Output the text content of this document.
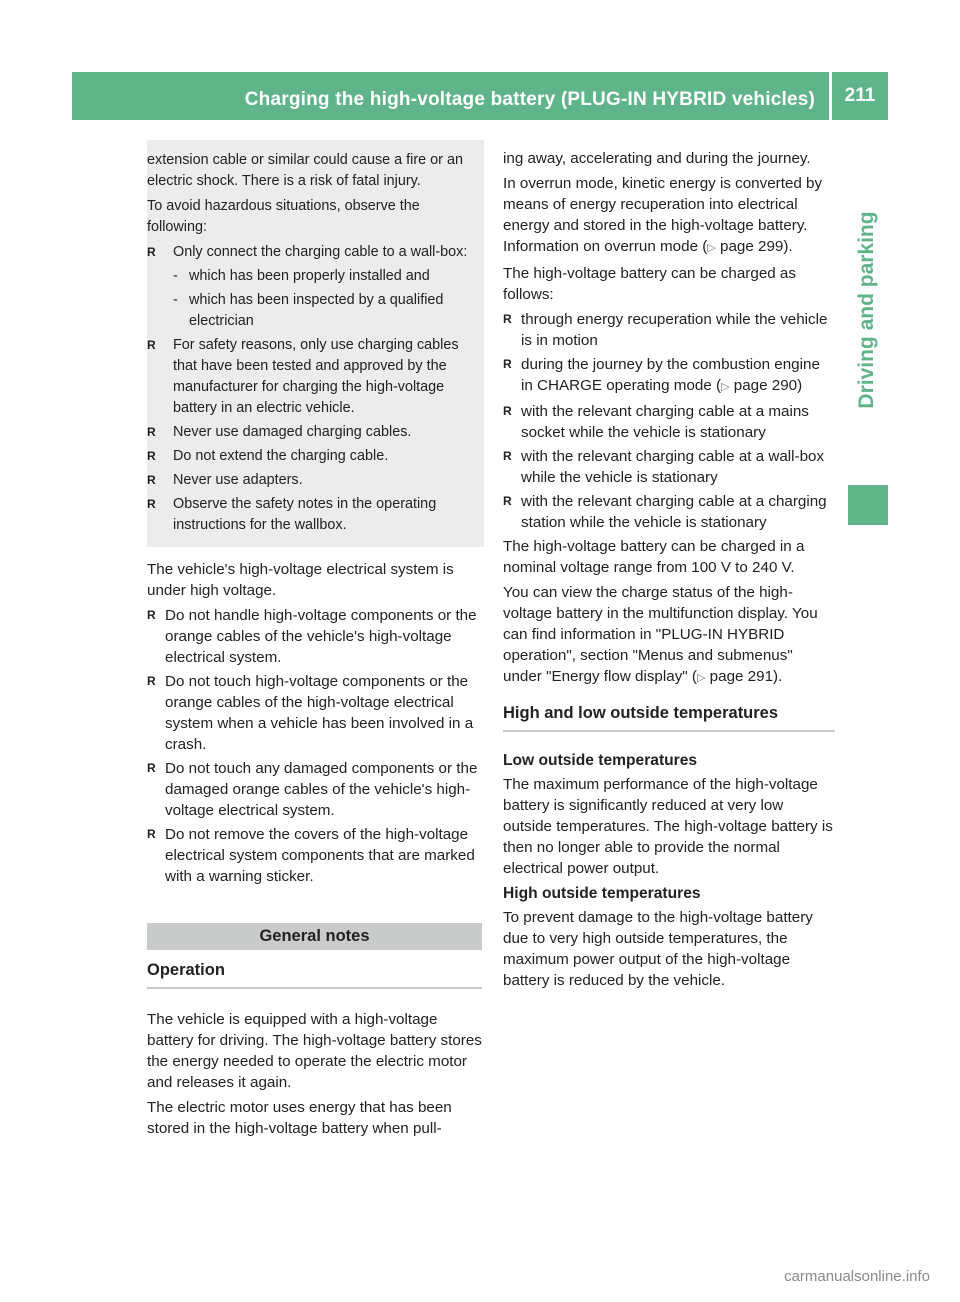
Charging the high-voltage battery (PLUG-IN HYBRID vehicles)	211
Driving and parking

extension cable or similar could cause a fire or an electric shock. There is a risk of fatal injury.

To avoid hazardous situations, observe the following:

R Only connect the charging cable to a wall-box:
- which has been properly installed and
- which has been inspected by a qualified electrician
R For safety reasons, only use charging cables that have been tested and approved by the manufacturer for charging the high-voltage battery in an electric vehicle.
R Never use damaged charging cables.
R Do not extend the charging cable.
R Never use adapters.
R Observe the safety notes in the operating instructions for the wallbox.

The vehicle's high-voltage electrical system is under high voltage.

R Do not handle high-voltage components or the orange cables of the vehicle's high-voltage electrical system.
R Do not touch high-voltage components or the orange cables of the high-voltage electrical system when a vehicle has been involved in a crash.
R Do not touch any damaged components or the damaged orange cables of the vehicle's high-voltage electrical system.
R Do not remove the covers of the high-voltage electrical system components that are marked with a warning sticker.
General notes
Operation

The vehicle is equipped with a high-voltage battery for driving. The high-voltage battery stores the energy needed to operate the electric motor and releases it again.

The electric motor uses energy that has been stored in the high-voltage battery when pull-

ing away, accelerating and during the journey.

In overrun mode, kinetic energy is converted by means of energy recuperation into electrical energy and stored in the high-voltage battery. Information on overrun mode (▷ page 299).

The high-voltage battery can be charged as follows:

R through energy recuperation while the vehicle is in motion
R during the journey by the combustion engine in CHARGE operating mode (▷ page 290)
R with the relevant charging cable at a mains socket while the vehicle is stationary
R with the relevant charging cable at a wall-box while the vehicle is stationary
R with the relevant charging cable at a charging station while the vehicle is stationary

The high-voltage battery can be charged in a nominal voltage range from 100 V to 240 V.

You can view the charge status of the high-voltage battery in the multifunction display. You can find information in "PLUG-IN HYBRID operation", section "Menus and submenus" under "Energy flow display" (▷ page 291).

High and low outside temperatures
Low outside temperatures

The maximum performance of the high-voltage battery is significantly reduced at very low outside temperatures. The high-voltage battery is then no longer able to provide the normal electrical power output.

High outside temperatures

To prevent damage to the high-voltage battery due to very high outside temperatures, the maximum power output of the high-voltage battery is reduced by the vehicle.

carmanualsonline.info
